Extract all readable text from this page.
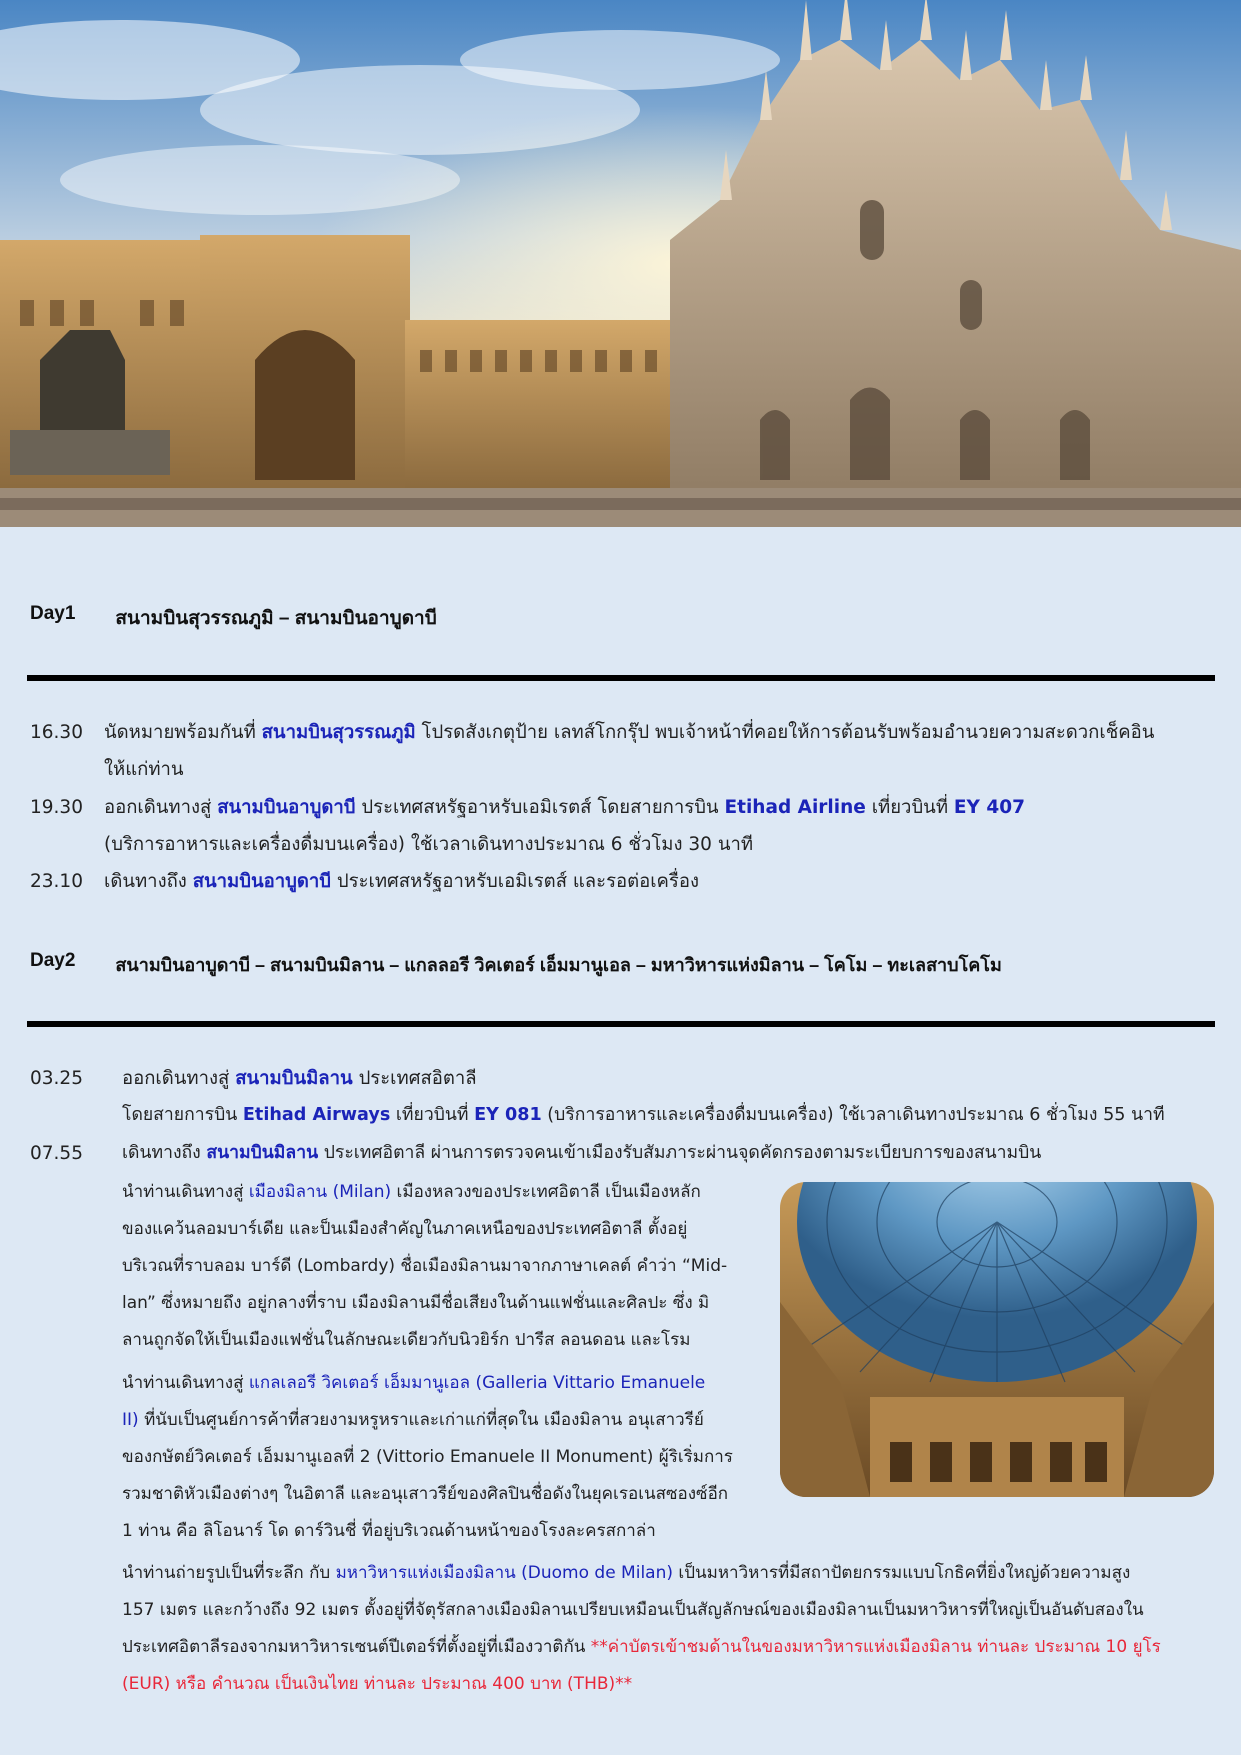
Day1 สนามบินสุวรรณภูมิ – สนามบินอาบูดาบี
16.30 นัดหมายพร้อมกันที่ สนามบินสุวรรณภูมิ โปรดสังเกตุป้าย เลทส์โกกรุ๊ป พบเจ้าหน้าที่คอยให้การต้อนรับพร้อมอำนวยความสะดวกเช็คอิน
ให้แก่ท่าน
19.30 ออกเดินทางสู่ สนามบินอาบูดาบี ประเทศสหรัฐอาหรับเอมิเรตส์ โดยสายการบิน Etihad Airline เที่ยวบินที่ EY 407
(บริการอาหารและเครื่องดื่มบนเครื่อง) ใช้เวลาเดินทางประมาณ 6 ชั่วโมง 30 นาที
23.10 เดินทางถึง สนามบินอาบูดาบี ประเทศสหรัฐอาหรับเอมิเรตส์ และรอต่อเครื่อง
Day2 สนามบินอาบูดาบี – สนามบินมิลาน – แกลลอรี วิคเตอร์ เอ็มมานูเอล – มหาวิหารแห่งมิลาน – โคโม – ทะเลสาบโคโม
03.25 ออกเดินทางสู่ สนามบินมิลาน ประเทศสอิตาลี
โดยสายการบิน Etihad Airways เที่ยวบินที่ EY 081 (บริการอาหารและเครื่องดื่มบนเครื่อง) ใช้เวลาเดินทางประมาณ 6 ชั่วโมง 55 นาที
07.55 เดินทางถึง สนามบินมิลาน ประเทศอิตาลี ผ่านการตรวจคนเข้าเมืองรับสัมภาระผ่านจุดคัดกรองตามระเบียบการของสนามบิน
นำท่านเดินทางสู่ เมืองมิลาน (Milan) เมืองหลวงของประเทศอิตาลี เป็นเมืองหลัก
ของแคว้นลอมบาร์เดีย และป็นเมืองสำคัญในภาคเหนือของประเทศอิตาลี ตั้งอยู่
บริเวณที่ราบลอม บาร์ดี (Lombardy) ชื่อเมืองมิลานมาจากภาษาเคลต์ คำว่า “Mid-
lan” ซึ่งหมายถึง อยู่กลางที่ราบ เมืองมิลานมีชื่อเสียงในด้านแฟชั่นและศิลปะ ซึ่ง มิ
ลานถูกจัดให้เป็นเมืองแฟชั่นในลักษณะเดียวกับนิวยิร์ก ปารีส ลอนดอน และโรม
นำท่านเดินทางสู่ แกลเลอรี วิคเตอร์ เอ็มมานูเอล (Galleria Vittario Emanuele
II) ที่นับเป็นศูนย์การค้าที่สวยงามหรูหราและเก่าแก่ที่สุดใน เมืองมิลาน อนุเสาวรีย์
ของกษัตย์วิคเตอร์ เอ็มมานูเอลที่ 2 (Vittorio Emanuele II Monument) ผู้ริเริ่มการ
รวมชาติหัวเมืองต่างๆ ในอิตาลี และอนุเสาวรีย์ของศิลปินชื่อดังในยุคเรอเนสซองซ์อีก
1 ท่าน คือ ลิโอนาร์ โด ดาร์วินชี่ ที่อยู่บริเวณด้านหน้าของโรงละครสกาล่า
นำท่านถ่ายรูปเป็นที่ระลึก กับ มหาวิหารแห่งเมืองมิลาน (Duomo de Milan) เป็นมหาวิหารที่มีสถาปัตยกรรมแบบโกธิคที่ยิ่งใหญ่ด้วยความสูง
157 เมตร และกว้างถึง 92 เมตร ตั้งอยู่ที่จัตุรัสกลางเมืองมิลานเปรียบเหมือนเป็นสัญลักษณ์ของเมืองมิลานเป็นมหาวิหารที่ใหญ่เป็นอันดับสองใน
ประเทศอิตาลีรองจากมหาวิหารเซนต์ปีเตอร์ที่ตั้งอยู่ที่เมืองวาติกัน **ค่าบัตรเข้าชมด้านในของมหาวิหารแห่งเมืองมิลาน ท่านละ ประมาณ 10 ยูโร
(EUR) หรือ คำนวณ เป็นเงินไทย ท่านละ ประมาณ 400 บาท (THB)**
